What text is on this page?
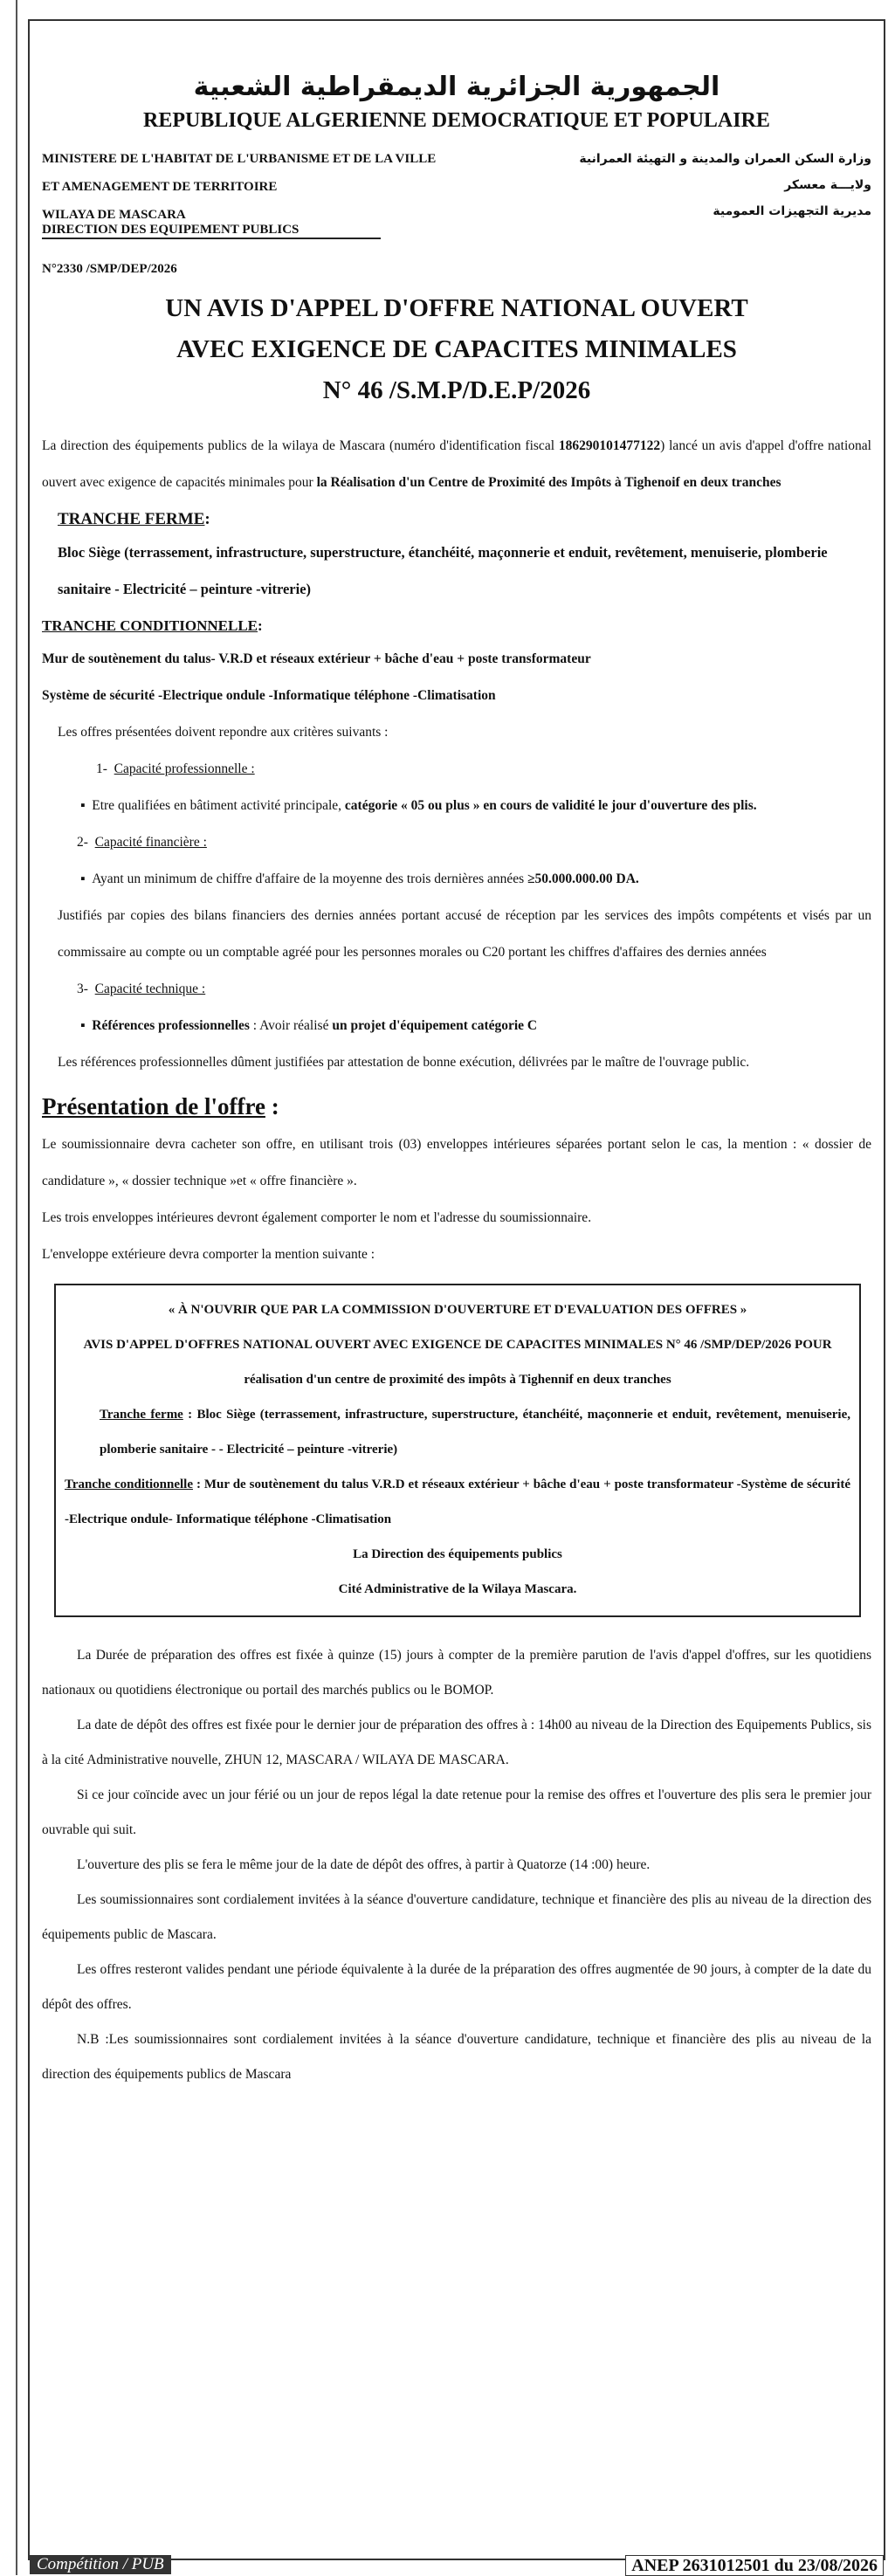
الجمهورية الجزائرية الديمقراطية الشعبية
REPUBLIQUE ALGERIENNE DEMOCRATIQUE ET POPULAIRE
MINISTERE DE L'HABITAT DE L'URBANISME ET DE LA VILLE
ET AMENAGEMENT DE TERRITOIRE
WILAYA DE MASCARA
DIRECTION DES EQUIPEMENT PUBLICS
وزارة السكن العمران والمدينة و التهيئة العمرانية
ولايـــة معسكر
مديرية التجهيزات العمومية
N°2330 /SMP/DEP/2026
UN AVIS D'APPEL D'OFFRE NATIONAL OUVERT
AVEC EXIGENCE DE CAPACITES MINIMALES
N° 46 /S.M.P/D.E.P/2026

La direction des équipements publics de la wilaya de Mascara (numéro d'identification fiscal 186290101477122) lancé un avis d'appel d'offre national ouvert avec exigence de capacités minimales pour la Réalisation d'un Centre de Proximité des Impôts à Tighenoif en deux tranches

TRANCHE FERME:

Bloc Siège (terrassement, infrastructure, superstructure, étanchéité, maçonnerie et enduit, revêtement, menuiserie, plomberie sanitaire - Electricité – peinture -vitrerie)

TRANCHE CONDITIONNELLE:

Mur de soutènement du talus- V.R.D et réseaux extérieur + bâche d'eau + poste transformateur

Système de sécurité -Electrique ondule -Informatique téléphone -Climatisation

Les offres présentées doivent repondre aux critères suivants :

1- Capacité professionnelle :

▪  Etre qualifiées en bâtiment activité principale, catégorie « 05 ou plus » en cours de validité le jour d'ouverture des plis.

2- Capacité financière :

▪  Ayant un minimum de chiffre d'affaire de la moyenne des trois dernières années ≥50.000.000.00 DA.

Justifiés par copies des bilans financiers des dernies années portant accusé de réception par les services des impôts compétents et visés par un commissaire au compte ou un comptable agréé pour les personnes morales ou C20 portant les chiffres d'affaires des dernies années

3- Capacité technique :

▪  Références professionnelles : Avoir réalisé un projet d'équipement catégorie C

Les références professionnelles dûment justifiées par attestation de bonne exécution, délivrées par le maître de l'ouvrage public.

Présentation de l'offre :

Le soumissionnaire devra cacheter son offre, en utilisant trois (03) enveloppes intérieures séparées portant selon le cas, la mention : « dossier de candidature », « dossier technique »et « offre financière ».

Les trois enveloppes intérieures devront également comporter le nom et l'adresse du soumissionnaire.

L'enveloppe extérieure devra comporter la mention suivante :

« À N'OUVRIR QUE PAR LA COMMISSION D'OUVERTURE ET D'EVALUATION DES OFFRES »
AVIS D'APPEL D'OFFRES NATIONAL OUVERT AVEC EXIGENCE DE CAPACITES MINIMALES N° 46 /SMP/DEP/2026 POUR
réalisation d'un centre de proximité des impôts à Tighennif en deux tranches
Tranche ferme : Bloc Siège (terrassement, infrastructure, superstructure, étanchéité, maçonnerie et enduit, revêtement, menuiserie, plomberie sanitaire - - Electricité – peinture -vitrerie)
Tranche conditionnelle : Mur de soutènement du talus V.R.D et réseaux extérieur + bâche d'eau + poste transformateur -Système de sécurité -Electrique ondule- Informatique téléphone -Climatisation
La Direction des équipements publics
Cité Administrative de la Wilaya Mascara.

La Durée de préparation des offres est fixée à quinze (15) jours à compter de la première parution de l'avis d'appel d'offres, sur les quotidiens nationaux ou quotidiens électronique ou portail des marchés publics ou le BOMOP.

La date de dépôt des offres est fixée pour le dernier jour de préparation des offres à : 14h00 au niveau de la Direction des Equipements Publics, sis à la cité Administrative nouvelle, ZHUN 12, MASCARA / WILAYA DE MASCARA.

Si ce jour coïncide avec un jour férié ou un jour de repos légal la date retenue pour la remise des offres et l'ouverture des plis sera le premier jour ouvrable qui suit.

L'ouverture des plis se fera le même jour de la date de dépôt des offres, à partir à Quatorze (14 :00) heure.

Les soumissionnaires sont cordialement invitées à la séance d'ouverture candidature, technique et financière des plis au niveau de la direction des équipements public de Mascara.

Les offres resteront valides pendant une période équivalente à la durée de la préparation des offres augmentée de 90 jours, à compter de la date du dépôt des offres.

N.B :Les soumissionnaires sont cordialement invitées à la séance d'ouverture candidature, technique et financière des plis au niveau de la direction des équipements publics de Mascara

Compétition / PUB	ANEP 2631012501 du 23/08/2026
